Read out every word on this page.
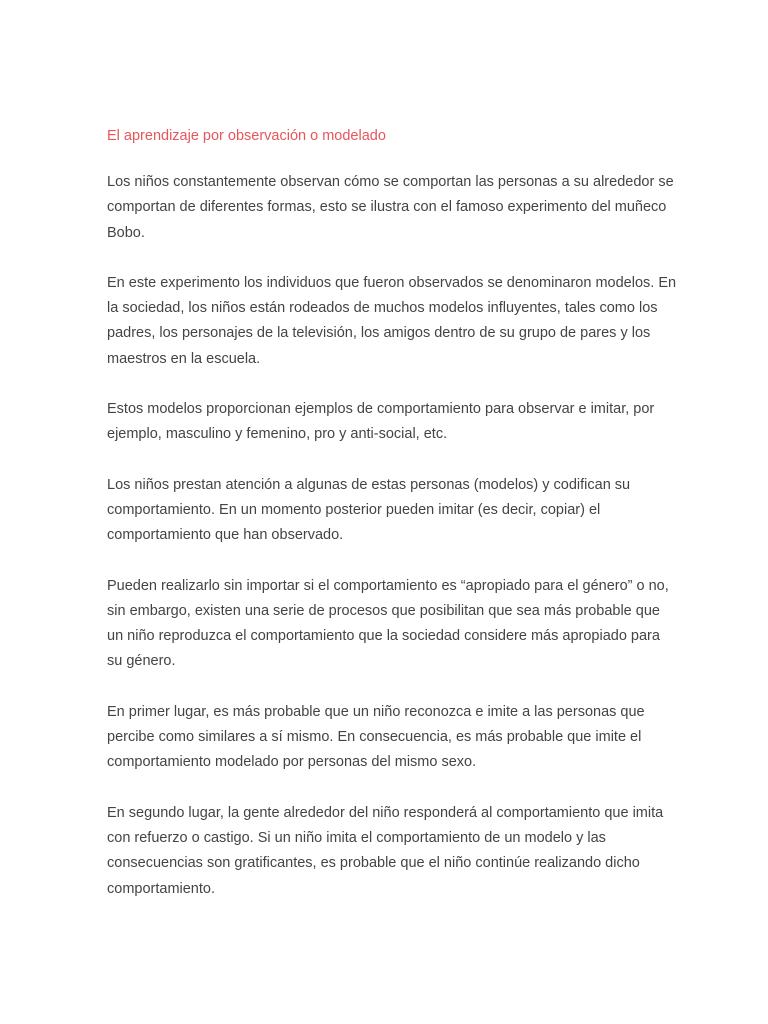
El aprendizaje por observación o modelado

Los niños constantemente observan cómo se comportan las personas a su alrededor se comportan de diferentes formas, esto se ilustra con el famoso experimento del muñeco Bobo.

En este experimento los individuos que fueron observados se denominaron modelos. En la sociedad, los niños están rodeados de muchos modelos influyentes, tales como los padres, los personajes de la televisión, los amigos dentro de su grupo de pares y los maestros en la escuela.

Estos modelos proporcionan ejemplos de comportamiento para observar e imitar, por ejemplo, masculino y femenino, pro y anti-social, etc.

Los niños prestan atención a algunas de estas personas (modelos) y codifican su comportamiento. En un momento posterior pueden imitar (es decir, copiar) el comportamiento que han observado.

Pueden realizarlo sin importar si el comportamiento es “apropiado para el género” o no, sin embargo, existen una serie de procesos que posibilitan que sea más probable que un niño reproduzca el comportamiento que la sociedad considere más apropiado para su género.

En primer lugar, es más probable que un niño reconozca e imite a las personas que percibe como similares a sí mismo. En consecuencia, es más probable que imite el comportamiento modelado por personas del mismo sexo.

En segundo lugar, la gente alrededor del niño responderá al comportamiento que imita con refuerzo o castigo. Si un niño imita el comportamiento de un modelo y las consecuencias son gratificantes, es probable que el niño continúe realizando dicho comportamiento.
